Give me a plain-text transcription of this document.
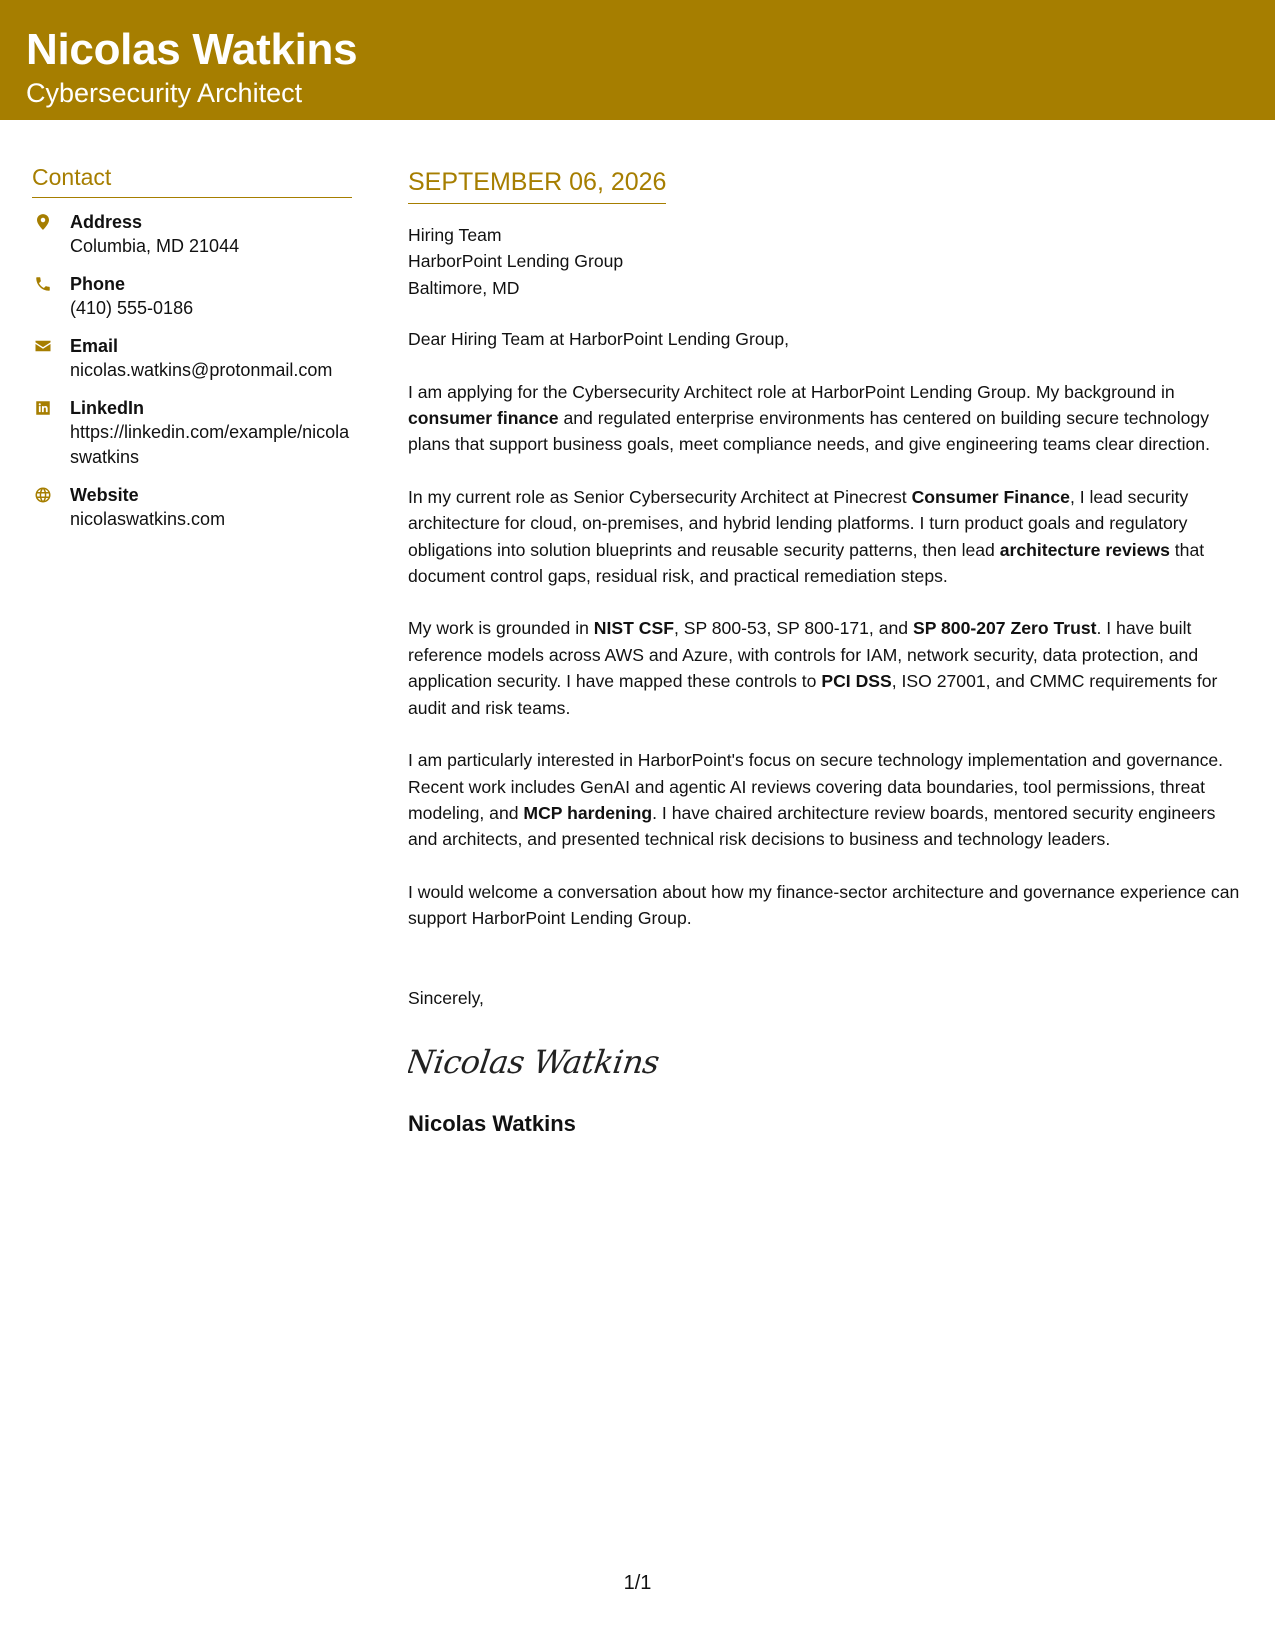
Nicolas Watkins
Cybersecurity Architect
Contact
Address
Columbia, MD 21044
Phone
(410) 555-0186
Email
nicolas.watkins@protonmail.com
LinkedIn
https://linkedin.com/example/nicolaswatkins
Website
nicolaswatkins.com
SEPTEMBER 06, 2026
Hiring Team
HarborPoint Lending Group
Baltimore, MD
Dear Hiring Team at HarborPoint Lending Group,

I am applying for the Cybersecurity Architect role at HarborPoint Lending Group. My background in consumer finance and regulated enterprise environments has centered on building secure technology plans that support business goals, meet compliance needs, and give engineering teams clear direction.

In my current role as Senior Cybersecurity Architect at Pinecrest Consumer Finance, I lead security architecture for cloud, on-premises, and hybrid lending platforms. I turn product goals and regulatory obligations into solution blueprints and reusable security patterns, then lead architecture reviews that document control gaps, residual risk, and practical remediation steps.

My work is grounded in NIST CSF, SP 800-53, SP 800-171, and SP 800-207 Zero Trust. I have built reference models across AWS and Azure, with controls for IAM, network security, data protection, and application security. I have mapped these controls to PCI DSS, ISO 27001, and CMMC requirements for audit and risk teams.

I am particularly interested in HarborPoint's focus on secure technology implementation and governance. Recent work includes GenAI and agentic AI reviews covering data boundaries, tool permissions, threat modeling, and MCP hardening. I have chaired architecture review boards, mentored security engineers and architects, and presented technical risk decisions to business and technology leaders.

I would welcome a conversation about how my finance-sector architecture and governance experience can support HarborPoint Lending Group.

Sincerely,
Nicolas Watkins
Nicolas Watkins
1/1
